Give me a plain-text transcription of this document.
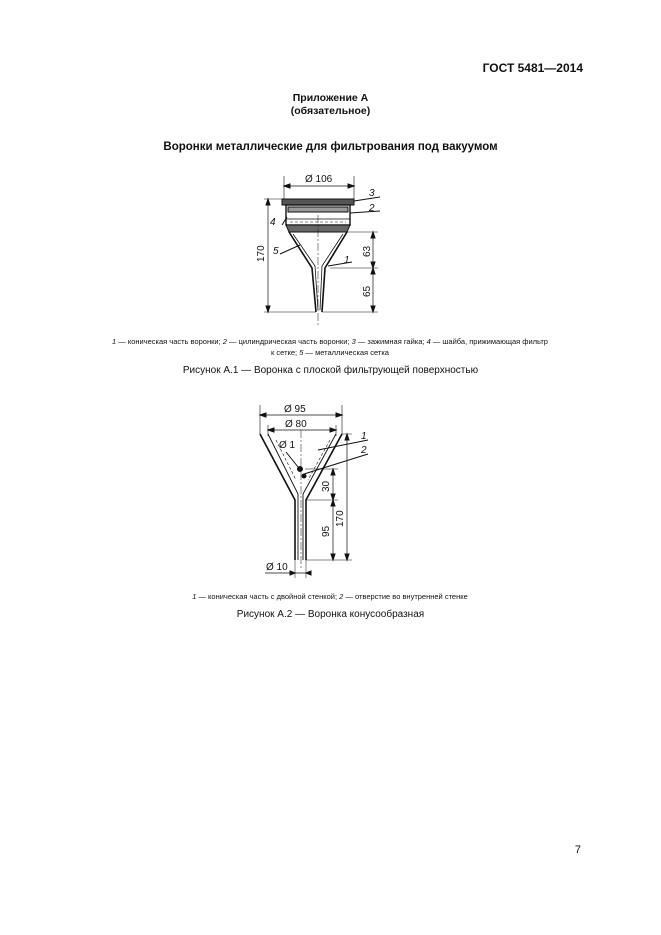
ГОСТ 5481—2014
Приложение А
(обязательное)
Воронки металлические для фильтрования под вакуумом
Ø 106
170	63
65
3
2
4
5
1
1 — коническая часть воронки; 2 — цилиндрическая часть воронки; 3 — зажимная гайка; 4 — шайба, прижимающая фильтр
к сетке; 5 — металлическая сетка
Рисунок А.1 — Воронка с плоской фильтрующей поверхностью
Ø 95
Ø 80
Ø 1
30
95
170
Ø 10
1
2
1 — коническая часть с двойной стенкой; 2 — отверстие во внутренней стенке
Рисунок А.2 — Воронка конусообразная
7
